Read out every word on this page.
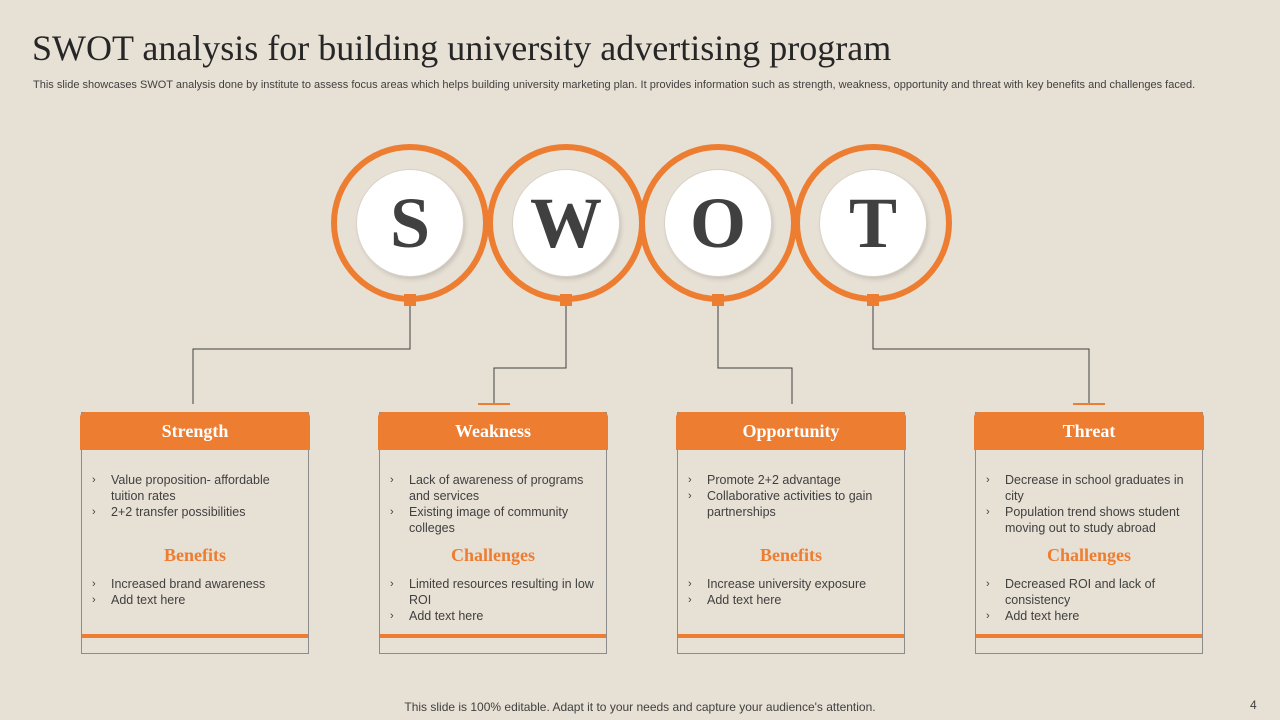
SWOT analysis for building university advertising program
This slide showcases SWOT analysis done by institute to assess focus areas which helps building university marketing plan. It provides information such as strength, weakness, opportunity and threat with key benefits and challenges faced.
S W O T
Strength
› Value proposition- affordable tuition rates
› 2+2 transfer possibilities
Benefits
› Increased brand awareness
› Add text here
Weakness
› Lack of awareness of programs and services
› Existing image of community colleges
Challenges
› Limited resources resulting in low ROI
› Add text here
Opportunity
› Promote 2+2 advantage
› Collaborative activities to gain partnerships
Benefits
› Increase university exposure
› Add text here
Threat
› Decrease in school graduates in city
› Population trend shows student moving out to study abroad
Challenges
› Decreased ROI and lack of consistency
› Add text here
This slide is 100% editable. Adapt it to your needs and capture your audience's attention.	4
